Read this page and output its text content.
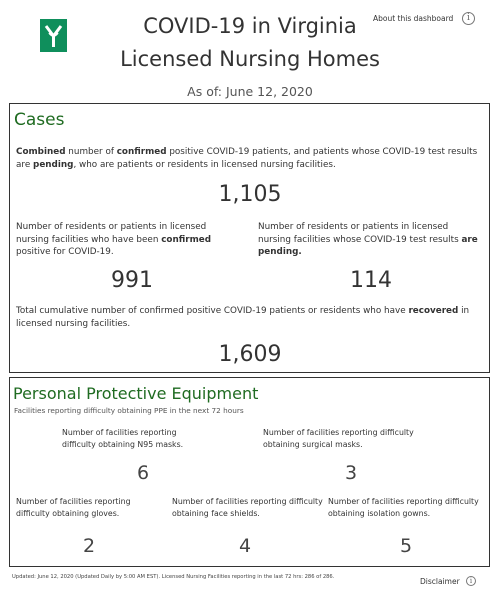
COVID-19 in Virginia
Licensed Nursing Homes
As of: June 12, 2020
About this dashboard	i
Cases
Combined number of confirmed positive COVID-19 patients, and patients whose COVID-19 test results are pending, who are patients or residents in licensed nursing facilities.
1,105
Number of residents or patients in licensed nursing facilities who have been confirmed positive for COVID-19.
991
Number of residents or patients in licensed nursing facilities whose COVID-19 test results are pending.
114
Total cumulative number of confirmed positive COVID-19 patients or residents who have recovered in licensed nursing facilities.
1,609
Personal Protective Equipment
Facilities reporting difficulty obtaining PPE in the next 72 hours
Number of facilities reporting difficulty obtaining N95 masks.
6
Number of facilities reporting difficulty obtaining surgical masks.
3
Number of facilities reporting difficulty obtaining gloves.
2
Number of facilities reporting difficulty obtaining face shields.
4
Number of facilities reporting difficulty obtaining isolation gowns.
5
Updated: June 12, 2020 (Updated Daily by 5:00 AM EST). Licensed Nursing Facilities reporting in the last 72 hrs: 286 of 286.	Disclaimer	i
